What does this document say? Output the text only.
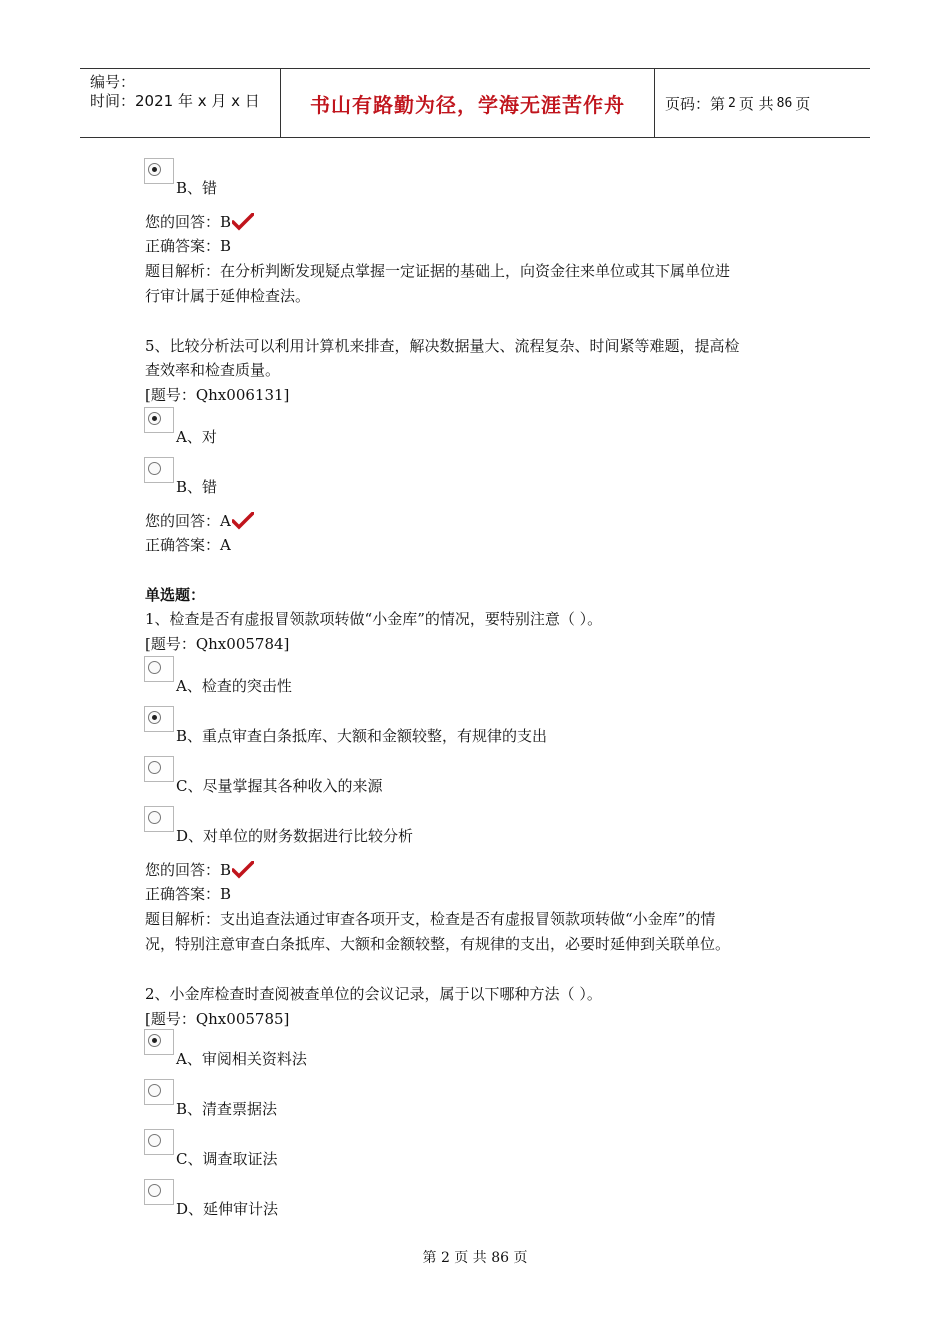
编号：
时间：2021 年 x 月 x 日	书山有路勤为径，学海无涯苦作舟	页码：第 2 页 共 86 页
B、错
您的回答：B
正确答案：B
题目解析：在分析判断发现疑点掌握一定证据的基础上，向资金往来单位或其下属单位进
行审计属于延伸检查法。
5、比较分析法可以利用计算机来排查，解决数据量大、流程复杂、时间紧等难题，提高检
查效率和检查质量。
[题号：Qhx006131]
A、对
B、错
您的回答：A
正确答案：A
单选题：
1、检查是否有虚报冒领款项转做“小金库”的情况，要特别注意（ ）。
[题号：Qhx005784]
A、检查的突击性
B、重点审查白条抵库、大额和金额较整，有规律的支出
C、尽量掌握其各种收入的来源
D、对单位的财务数据进行比较分析
您的回答：B
正确答案：B
题目解析：支出追查法通过审查各项开支，检查是否有虚报冒领款项转做“小金库”的情
况，特别注意审查白条抵库、大额和金额较整，有规律的支出，必要时延伸到关联单位。
2、小金库检查时查阅被查单位的会议记录，属于以下哪种方法（ ）。
[题号：Qhx005785]
A、审阅相关资料法
B、清查票据法
C、调查取证法
D、延伸审计法
第 2 页 共 86 页
